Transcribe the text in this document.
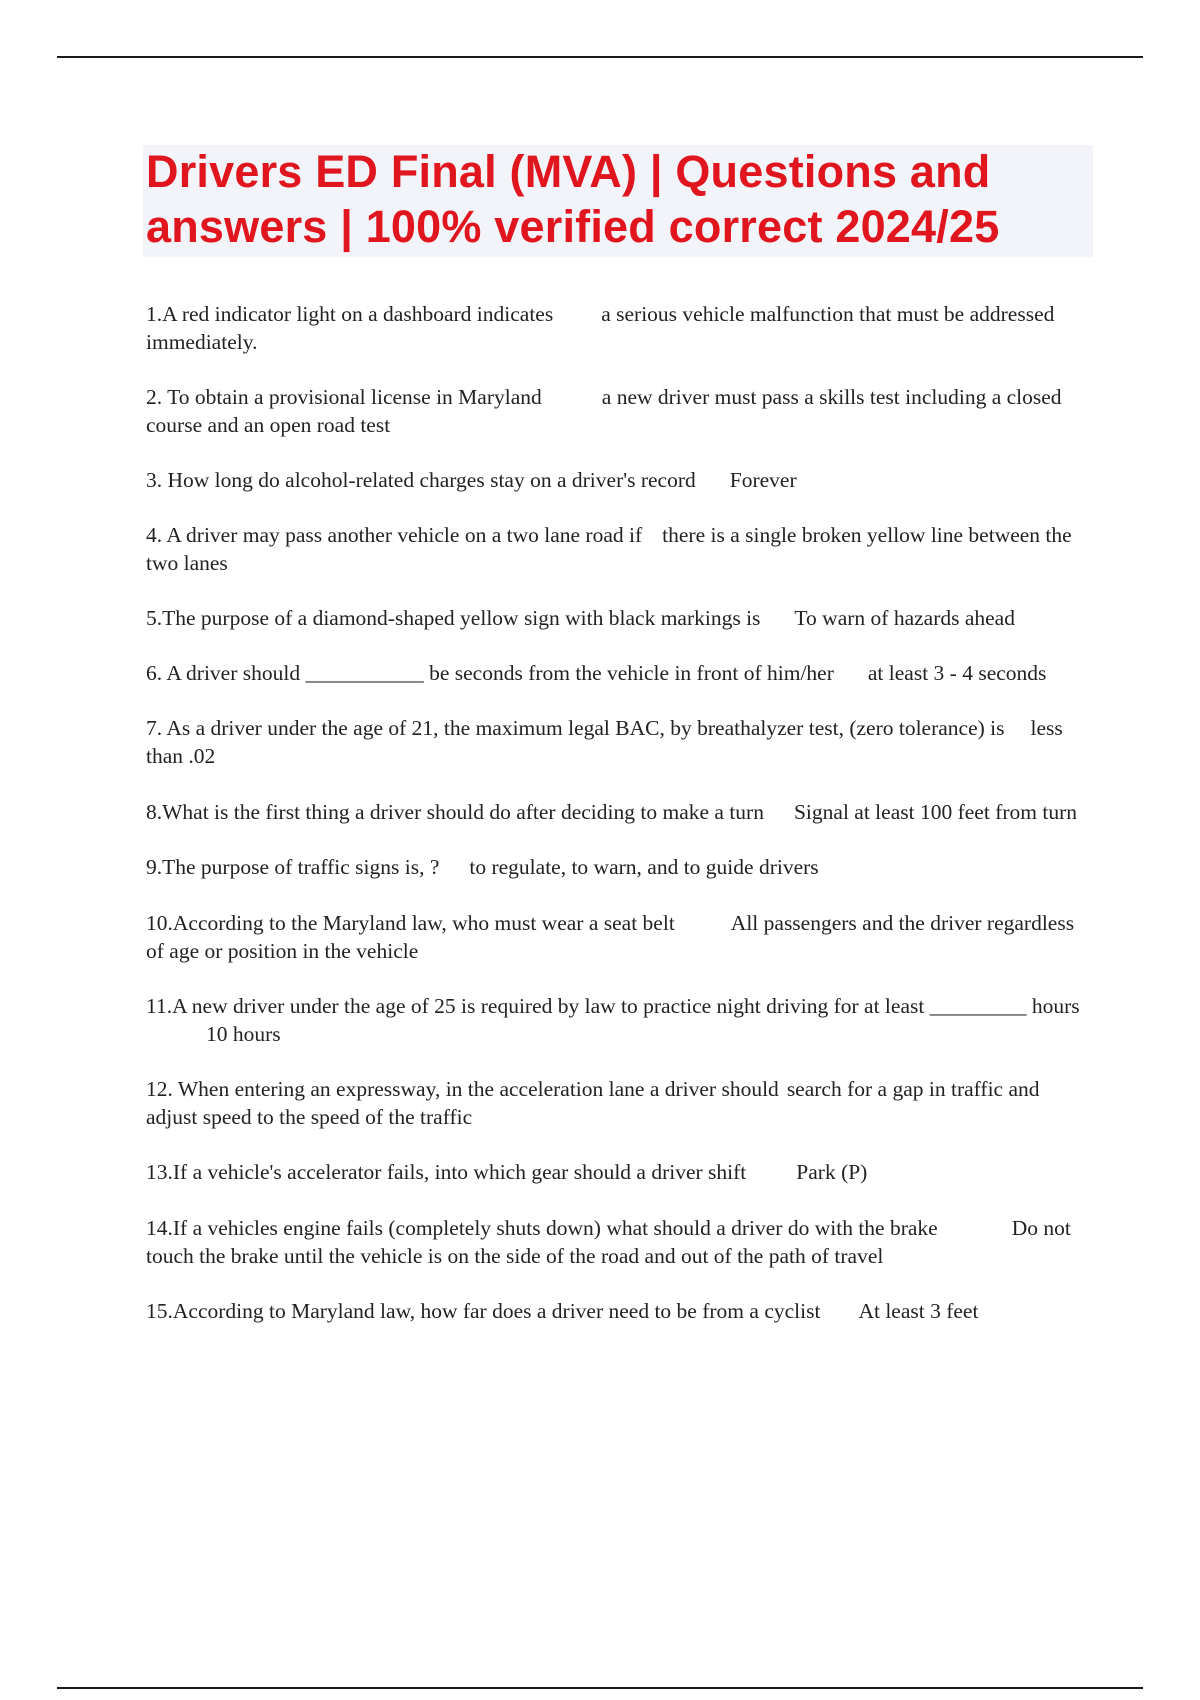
Drivers ED Final (MVA) | Questions and answers | 100% verified correct 2024/25

1.A red indicator light on a dashboard indicates a serious vehicle malfunction that must be addressed immediately.

2. To obtain a provisional license in Maryland	a new driver must pass a skills test including a closed course and an open road test

3. How long do alcohol-related charges stay on a driver's record Forever

4. A driver may pass another vehicle on a two lane road if there is a single broken yellow line between the two lanes

5.The purpose of a diamond-shaped yellow sign with black markings is To warn of hazards ahead

6. A driver should ___________ be seconds from the vehicle in front of him/her at least 3 - 4 seconds

7. As a driver under the age of 21, the maximum legal BAC, by breathalyzer test, (zero tolerance) is less than .02

8.What is the first thing a driver should do after deciding to make a turn Signal at least 100 feet from turn

9.The purpose of traffic signs is, ? to regulate, to warn, and to guide drivers

10.According to the Maryland law, who must wear a seat belt	All passengers and the driver regardless of age or position in the vehicle

11.A new driver under the age of 25 is required by law to practice night driving for at least _________ hours10 hours

12. When entering an expressway, in the acceleration lane a driver should search for a gap in traffic and adjust speed to the speed of the traffic

13.If a vehicle's accelerator fails, into which gear should a driver shift Park (P)

14.If a vehicles engine fails (completely shuts down) what should a driver do with the brake	Do not touch the brake until the vehicle is on the side of the road and out of the path of travel

15.According to Maryland law, how far does a driver need to be from a cyclist At least 3 feet
